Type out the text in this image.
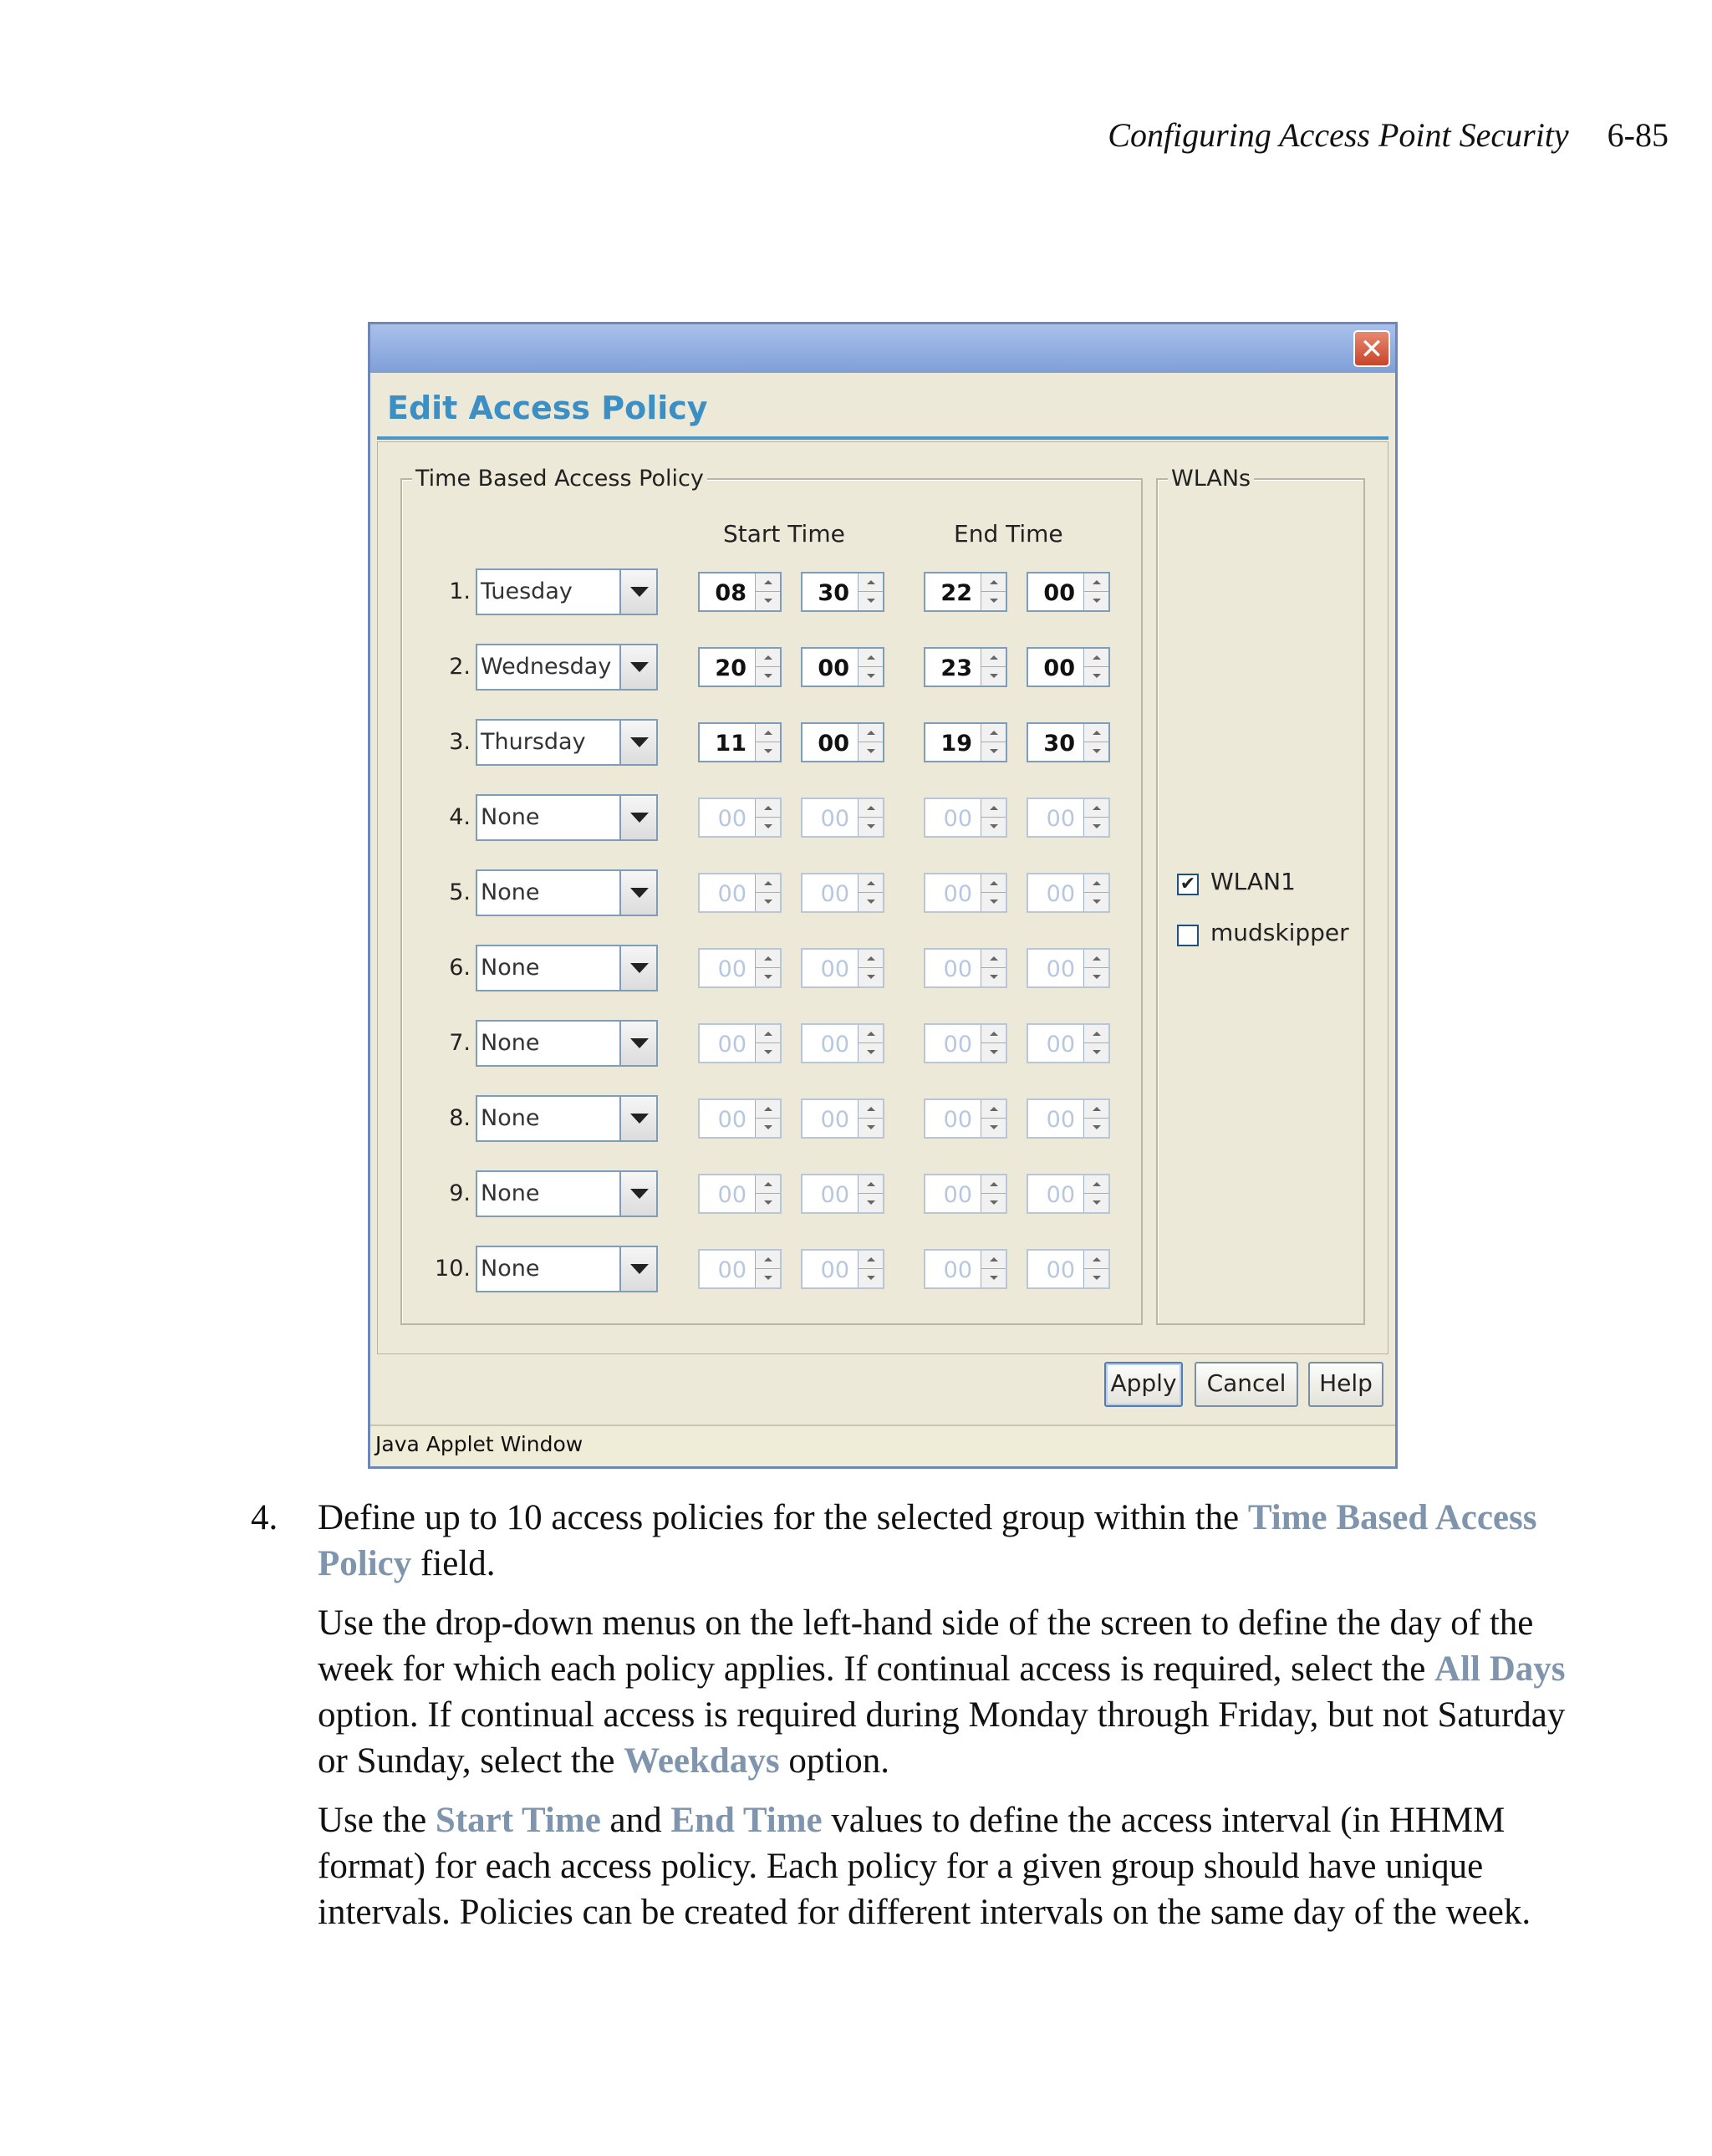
Configuring Access Point Security 6-85
✕
Edit Access Policy
Time Based Access Policy	WLANs
Start Time	End Time
1. Tuesday	08	30	22	00
2. Wednesday	20	00	23	00
3. Thursday	11	00	19	30
4. None	00	00	00	00
5. None	00	00	00	00
6. None	00	00	00	00
7. None	00	00	00	00
8. None	00	00	00	00
9. None	00	00	00	00
10. None	00	00	00	00
✔ WLAN1
mudskipper
Apply	Cancel	Help
Java Applet Window
4. Define up to 10 access policies for the selected group within the Time Based Access Policy field.

Use the drop-down menus on the left-hand side of the screen to define the day of the week for which each policy applies. If continual access is required, select the All Days option. If continual access is required during Monday through Friday, but not Saturday or Sunday, select the Weekdays option.

Use the Start Time and End Time values to define the access interval (in HHMM format) for each access policy. Each policy for a given group should have unique intervals. Policies can be created for different intervals on the same day of the week.
